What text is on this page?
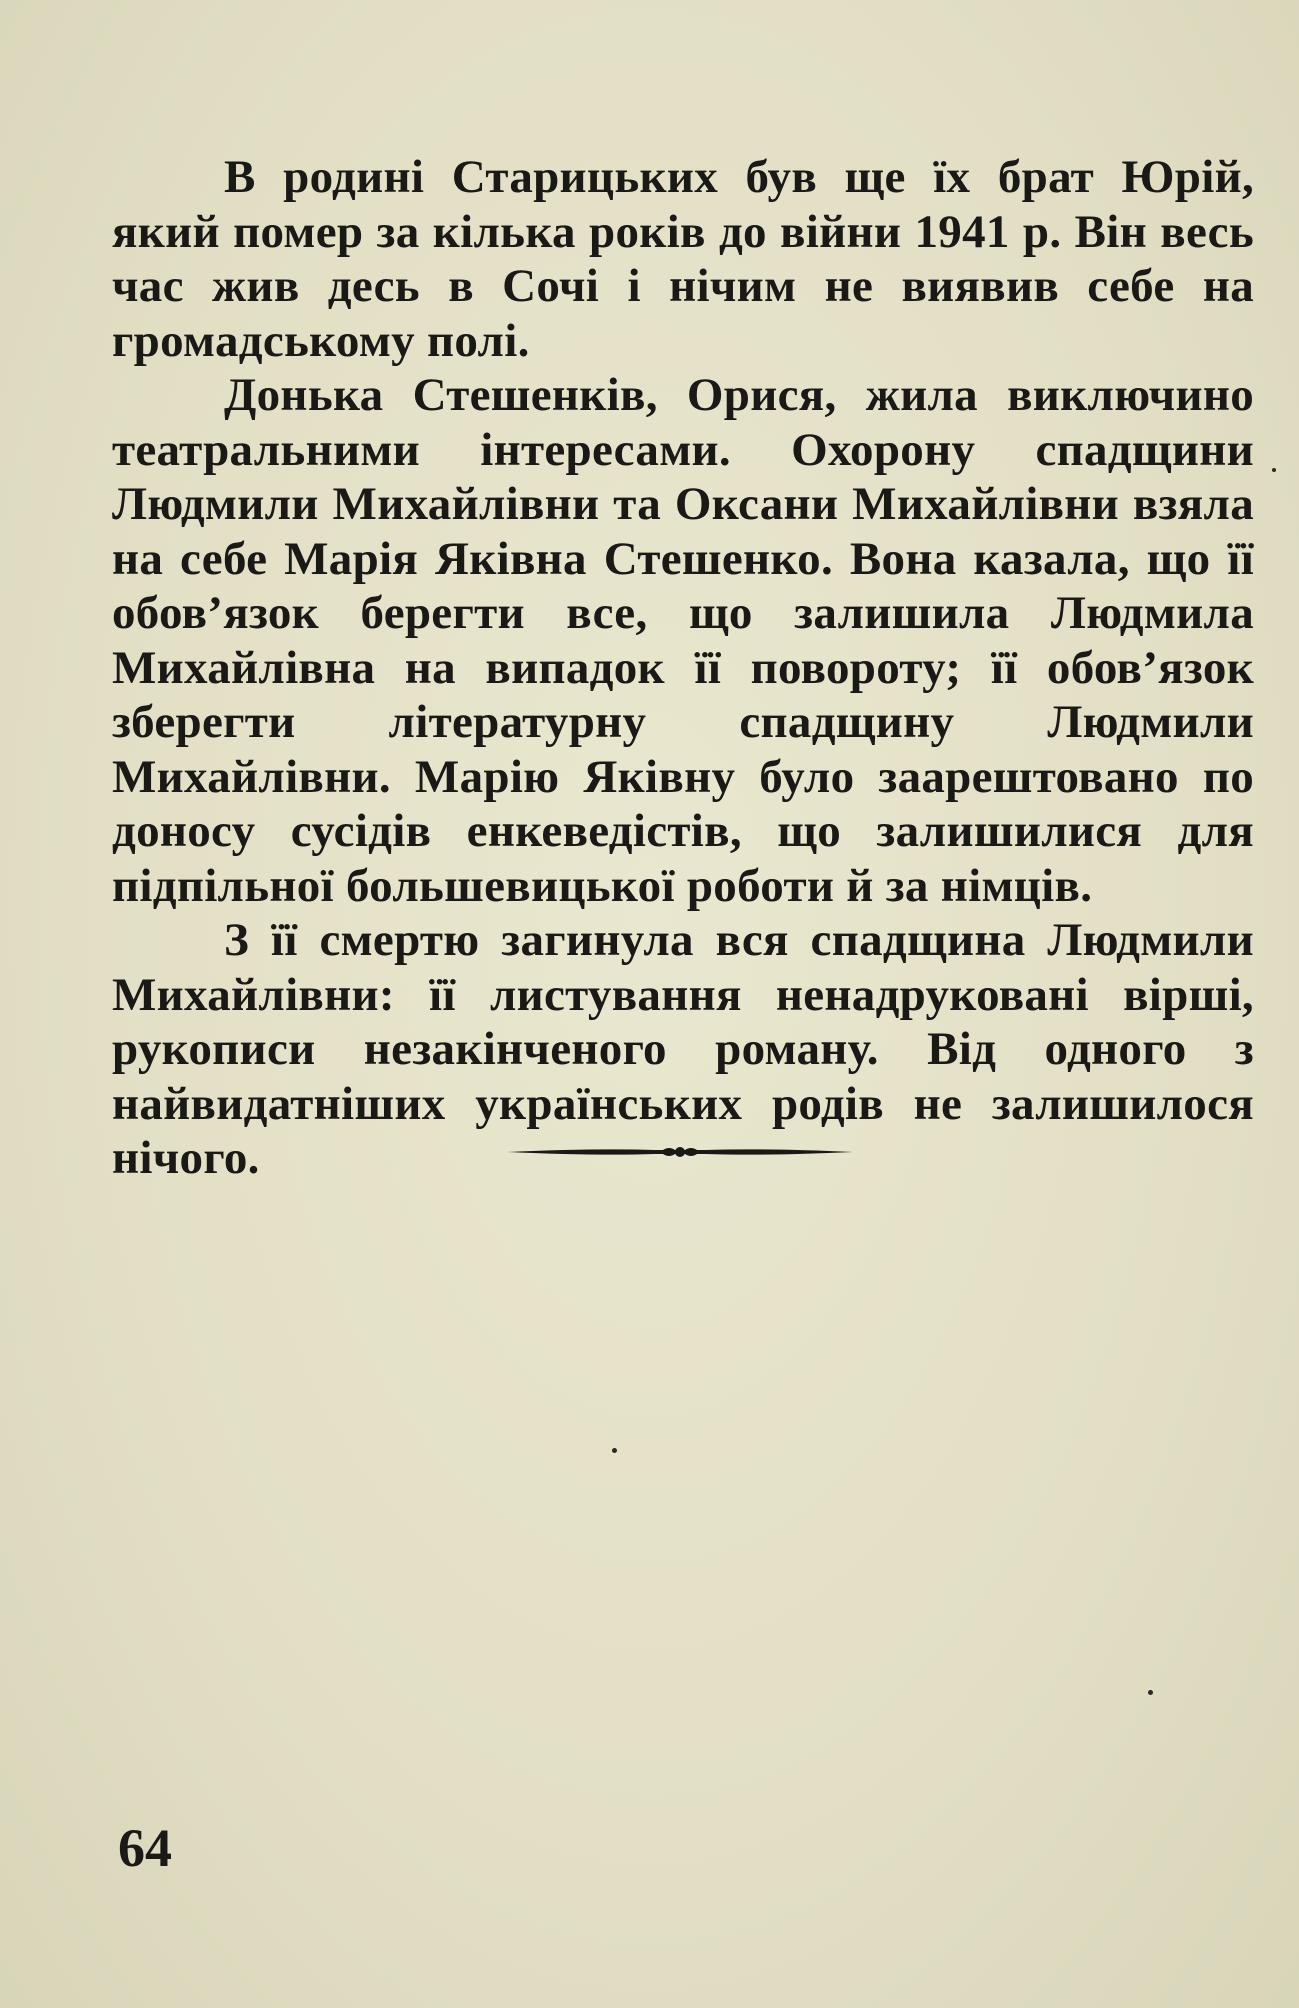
В родині Старицьких був ще їх брат Юрій, який помер за кілька років до війни 1941 р. Він весь час жив десь в Сочі і нічим не виявив себе на громадському полі.

Донька Стешенків, Орися, жила виключино театральними інтересами. Охорону спадщини Людмили Михайлівни та Оксани Михайлівни взяла на себе Марія Яківна Стешенко. Вона казала, що її обов’язок берегти все, що залишила Людмила Михайлівна на випадок її повороту; її обов’язок зберегти літературну спадщину Людмили Михайлівни. Марію Яківну було заарештовано по доносу сусідів енкеведістів, що залишилися для підпільної большевицької роботи й за німців.

З її смертю загинула вся спадщина Людмили Михайлівни: її листування ненадруковані вірші, рукописи незакінченого роману. Від одного з найвидатніших українських родів не залишилося нічого.

64
